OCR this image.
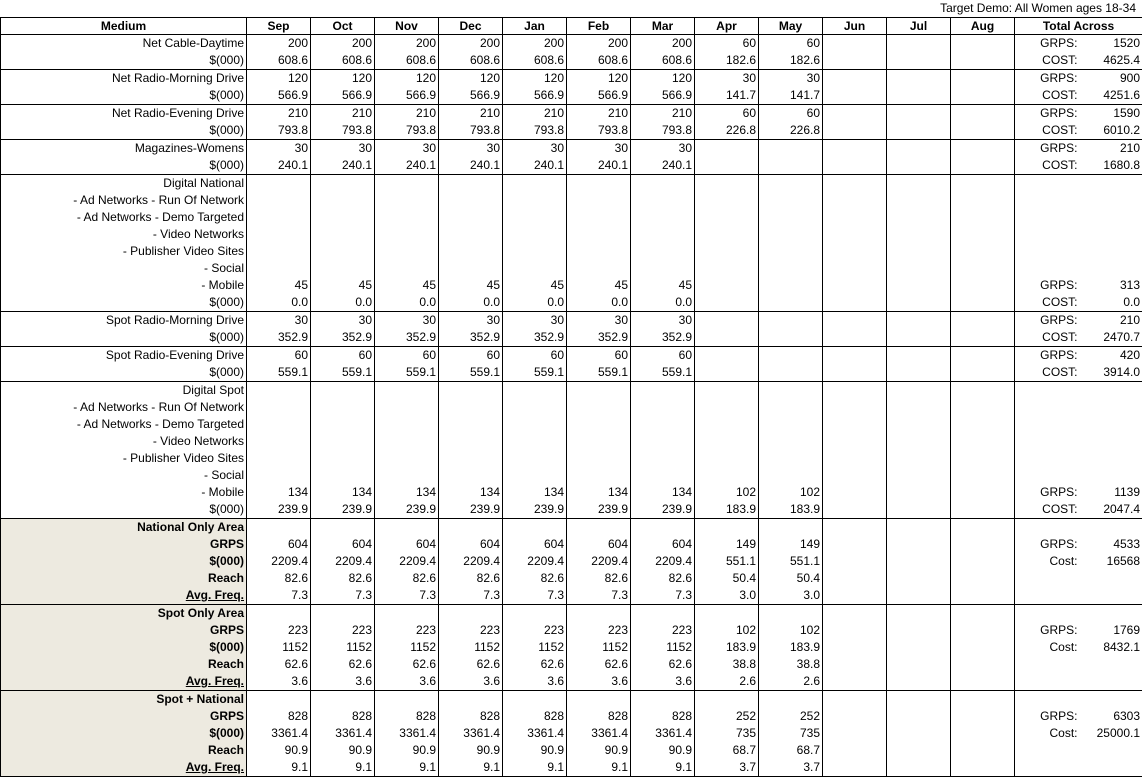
Target Demo: All Women ages 18-34
Medium	Sep	Oct	Nov	Dec	Jan	Feb	Mar	Apr	May	Jun	Jul	Aug	Total Across	
Net Cable-Daytime	200	200	200	200	200	200	200	60	60				GRPS:	1520
$(000)	608.6	608.6	608.6	608.6	608.6	608.6	608.6	182.6	182.6				COST:	4625.4
Net Radio-Morning Drive	120	120	120	120	120	120	120	30	30				GRPS:	900
$(000)	566.9	566.9	566.9	566.9	566.9	566.9	566.9	141.7	141.7				COST:	4251.6
Net Radio-Evening Drive	210	210	210	210	210	210	210	60	60				GRPS:	1590
$(000)	793.8	793.8	793.8	793.8	793.8	793.8	793.8	226.8	226.8				COST:	6010.2
Magazines-Womens	30	30	30	30	30	30	30						GRPS:	210
$(000)	240.1	240.1	240.1	240.1	240.1	240.1	240.1						COST:	1680.8
Digital National														
- Ad Networks - Run Of Network														
- Ad Networks - Demo Targeted														
- Video Networks														
- Publisher Video Sites														
- Social														
- Mobile	45	45	45	45	45	45	45						GRPS:	313
$(000)	0.0	0.0	0.0	0.0	0.0	0.0	0.0						COST:	0.0
Spot Radio-Morning Drive	30	30	30	30	30	30	30						GRPS:	210
$(000)	352.9	352.9	352.9	352.9	352.9	352.9	352.9						COST:	2470.7
Spot Radio-Evening Drive	60	60	60	60	60	60	60						GRPS:	420
$(000)	559.1	559.1	559.1	559.1	559.1	559.1	559.1						COST:	3914.0
Digital Spot														
- Ad Networks - Run Of Network														
- Ad Networks - Demo Targeted														
- Video Networks														
- Publisher Video Sites														
- Social														
- Mobile	134	134	134	134	134	134	134	102	102				GRPS:	1139
$(000)	239.9	239.9	239.9	239.9	239.9	239.9	239.9	183.9	183.9				COST:	2047.4
National Only Area														
GRPS	604	604	604	604	604	604	604	149	149				GRPS:	4533
$(000)	2209.4	2209.4	2209.4	2209.4	2209.4	2209.4	2209.4	551.1	551.1				Cost:	16568
Reach	82.6	82.6	82.6	82.6	82.6	82.6	82.6	50.4	50.4					
Avg. Freq.	7.3	7.3	7.3	7.3	7.3	7.3	7.3	3.0	3.0					
Spot Only Area														
GRPS	223	223	223	223	223	223	223	102	102				GRPS:	1769
$(000)	1152	1152	1152	1152	1152	1152	1152	183.9	183.9				Cost:	8432.1
Reach	62.6	62.6	62.6	62.6	62.6	62.6	62.6	38.8	38.8					
Avg. Freq.	3.6	3.6	3.6	3.6	3.6	3.6	3.6	2.6	2.6					
Spot + National														
GRPS	828	828	828	828	828	828	828	252	252				GRPS:	6303
$(000)	3361.4	3361.4	3361.4	3361.4	3361.4	3361.4	3361.4	735	735				Cost:	25000.1
Reach	90.9	90.9	90.9	90.9	90.9	90.9	90.9	68.7	68.7					
Avg. Freq.	9.1	9.1	9.1	9.1	9.1	9.1	9.1	3.7	3.7					
